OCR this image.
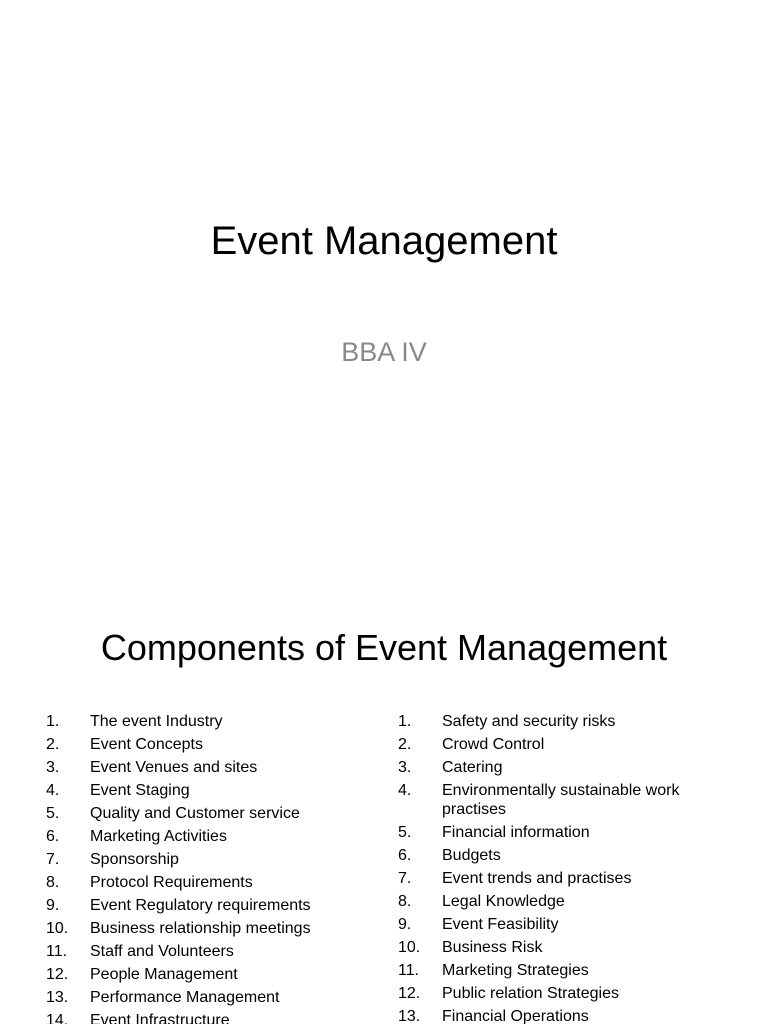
Event Management
BBA IV
Components of Event Management
1.	The event Industry
2.	Event Concepts
3.	Event Venues and sites
4.	Event Staging
5.	Quality and Customer service
6.	Marketing Activities
7.	Sponsorship
8.	Protocol Requirements
9.	Event Regulatory requirements
10.	Business relationship meetings
11.	Staff and Volunteers
12.	People Management
13.	Performance Management
14.	Event Infrastructure
1.	Safety and security risks
2.	Crowd Control
3.	Catering
4.	Environmentally sustainable work practises
5.	Financial information
6.	Budgets
7.	Event trends and practises
8.	Legal Knowledge
9.	Event Feasibility
10.	Business Risk
11.	Marketing Strategies
12.	Public relation Strategies
13.	Financial Operations
